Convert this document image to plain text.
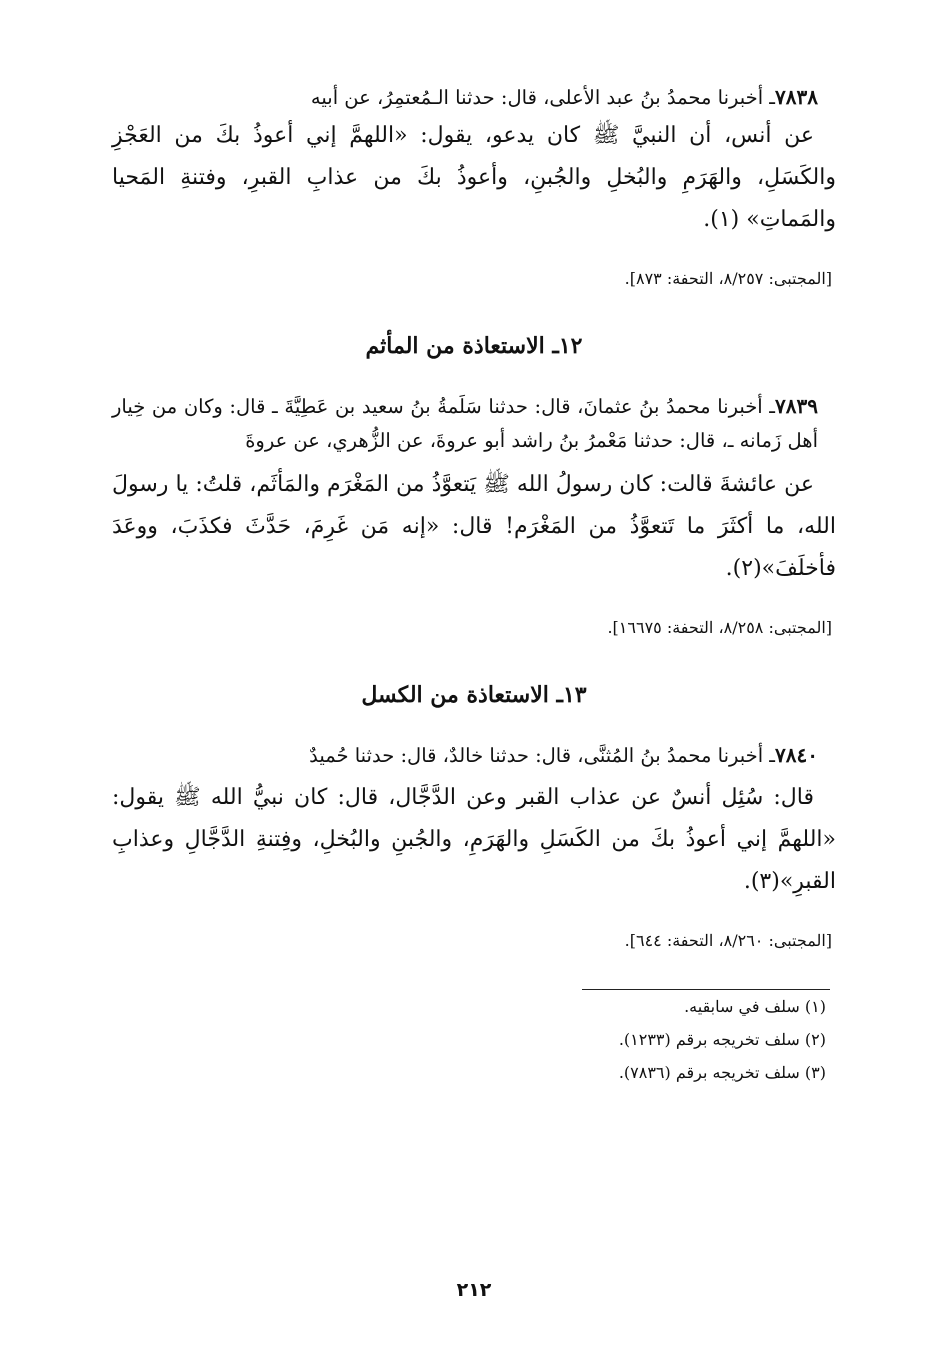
٧٨٣٨ـ أخبرنا محمدُ بنُ عبد الأعلى، قال: حدثنا الـمُعتمِرُ، عن أبيه

عن أنس، أن النبيَّ ﷺ كان يدعو، يقول: «اللهمَّ إني أعوذُ بكَ من العَجْزِ والكَسَلِ، والهَرَمِ والبُخلِ والجُبنِ، وأعوذُ بكَ من عذابِ القبرِ، وفتنةِ المَحيا والمَماتِ» (١).

[المجتبى: ٨/٢٥٧، التحفة: ٨٧٣].

١٢ـ الاستعاذة من المأثم

٧٨٣٩ـ أخبرنا محمدُ بنُ عثمانَ، قال: حدثنا سَلَمةُ بنُ سعيد بن عَطِيَّةَ ـ قال: وكان من خِيار أهل زَمانه ـ، قال: حدثنا مَعْمرُ بنُ راشد أبو عروةَ، عن الزُّهري، عن عروةَ

عن عائشةَ قالت: كان رسولُ الله ﷺ يَتعوَّذُ من المَغْرَم والمَأثَم، قلتُ: يا رسولَ الله، ما أكثَرَ ما تَتعوَّذُ من المَغْرَم! قال: «إنه مَن غَرِمَ، حَدَّثَ فكذَبَ، ووعَدَ فأخلَفَ»(٢).

[المجتبى: ٨/٢٥٨، التحفة: ١٦٦٧٥].

١٣ـ الاستعاذة من الكسل

٧٨٤٠ـ أخبرنا محمدُ بنُ المُثنَّى، قال: حدثنا خالدٌ، قال: حدثنا حُميدٌ

قال: سُئِل أنسٌ عن عذاب القبر وعن الدَّجَّال، قال: كان نبيُّ الله ﷺ يقول: «اللهمَّ إني أعوذُ بكَ من الكَسَلِ والهَرَمِ، والجُبنِ والبُخلِ، وفِتنةِ الدَّجَّالِ وعذابِ القبرِ»(٣).

[المجتبى: ٨/٢٦٠، التحفة: ٦٤٤].

(١) سلف في سابقيه.

(٢) سلف تخريجه برقم (١٢٣٣).

(٣) سلف تخريجه برقم (٧٨٣٦).

٢١٢
